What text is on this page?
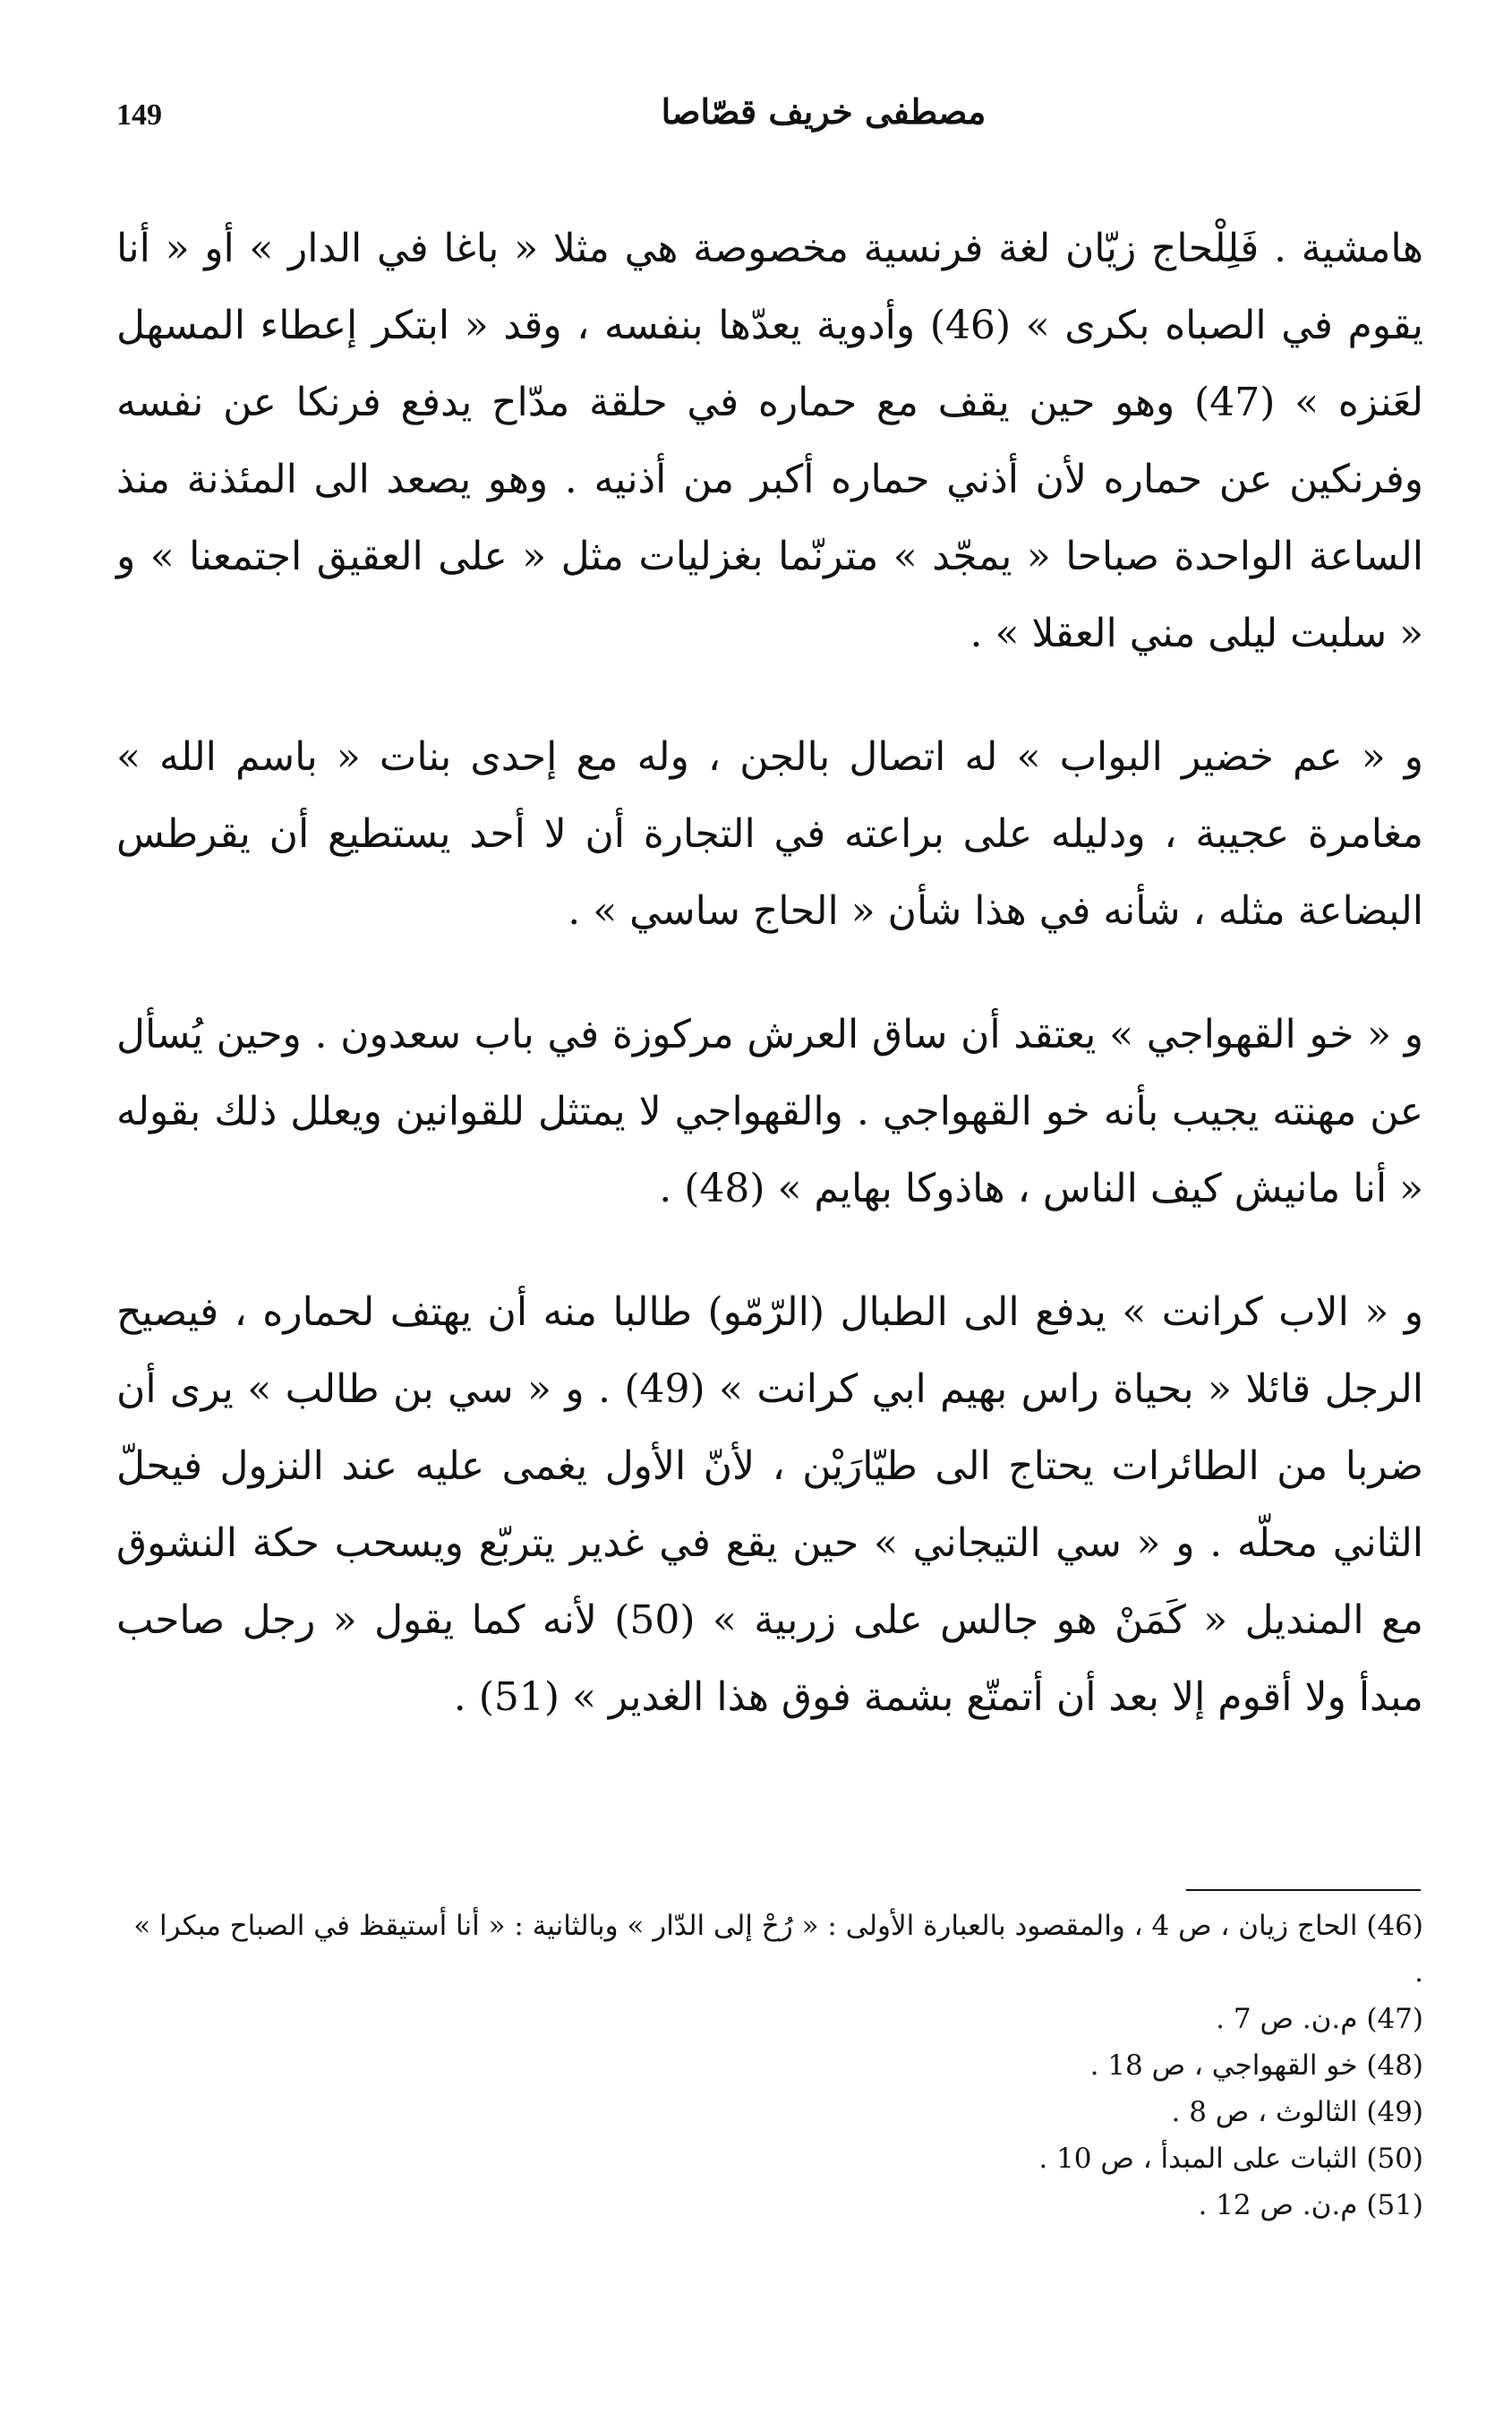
149	مصطفى خريف قصّاصا

هامشية . فَلِلْحاج زيّان لغة فرنسية مخصوصة هي مثلا « باغا في الدار » أو « أنا يقوم في الصباه بكرى » (46) وأدوية يعدّها بنفسه ، وقد « ابتكر إعطاء المسهل لعَنزه » (47) وهو حين يقف مع حماره في حلقة مدّاح يدفع فرنكا عن نفسه وفرنكين عن حماره لأن أذني حماره أكبر من أذنيه . وهو يصعد الى المئذنة منذ الساعة الواحدة صباحا « يمجّد » مترنّما بغزليات مثل « على العقيق اجتمعنا » و « سلبت ليلى مني العقلا » .

و « عم خضير البواب » له اتصال بالجن ، وله مع إحدى بنات « باسم الله » مغامرة عجيبة ، ودليله على براعته في التجارة أن لا أحد يستطيع أن يقرطس البضاعة مثله ، شأنه في هذا شأن « الحاج ساسي » .

و « خو القهواجي » يعتقد أن ساق العرش مركوزة في باب سعدون . وحين يُسأل عن مهنته يجيب بأنه خو القهواجي . والقهواجي لا يمتثل للقوانين ويعلل ذلك بقوله « أنا مانيش كيف الناس ، هاذوكا بهايم » (48) .

و « الاب كرانت » يدفع الى الطبال (الرّمّو) طالبا منه أن يهتف لحماره ، فيصيح الرجل قائلا « بحياة راس بهيم ابي كرانت » (49) . و « سي بن طالب » يرى أن ضربا من الطائرات يحتاج الى طيّارَيْن ، لأنّ الأول يغمى عليه عند النزول فيحلّ الثاني محلّه . و « سي التيجاني » حين يقع في غدير يتربّع ويسحب حكة النشوق مع المنديل « كَمَنْ هو جالس على زربية » (50) لأنه كما يقول « رجل صاحب مبدأ ولا أقوم إلا بعد أن أتمتّع بشمة فوق هذا الغدير » (51) .

(46) الحاج زيان ، ص 4 ، والمقصود بالعبارة الأولى : « رُحْ إلى الدّار » وبالثانية : « أنا أستيقظ في الصباح مبكرا » .

(47) م.ن. ص 7 .

(48) خو القهواجي ، ص 18 .

(49) الثالوث ، ص 8 .

(50) الثبات على المبدأ ، ص 10 .

(51) م.ن. ص 12 .
